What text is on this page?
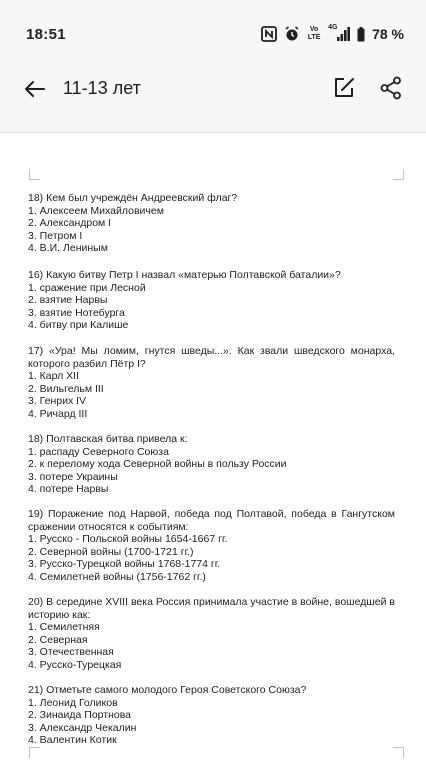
18:51	Vo LTE
4G 78 %
11-13 лет
18) Кем был учреждён Андреевский флаг?
1. Алексеем Михайловичем
2. Александром I
3. Петром I
4. В.И. Лениным
16) Какую битву Петр I назвал «матерью Полтавской баталии»?
1. сражение при Лесной
2. взятие Нарвы
3. взятие Нотебурга
4. битву при Калише
17) «Ура! Мы ломим, гнутся шведы...». Как звали шведского монарха, которого разбил Пётр I?
1. Карл XII
2. Вильгельм III
3. Генрих IV
4. Ричард III
18) Полтавская битва привела к:
1. распаду Северного Союза
2. к перелому хода Северной войны в пользу России
3. потере Украины
4. потере Нарвы
19) Поражение под Нарвой, победа под Полтавой, победа в Гангутском сражении относятся к событиям:
1. Русско - Польской войны 1654-1667 гг.
2. Северной войны (1700-1721 гг.)
3. Русско-Турецкой войны 1768-1774 гг.
4. Семилетней войны (1756-1762 гг.)
20) В середине XVIII века Россия принимала участие в войне, вошедшей в историю как:
1. Семилетняя
2. Северная
3. Отечественная
4. Русско-Турецкая
21) Отметьте самого молодого Героя Советского Союза?
1. Леонид Голиков
2. Зинаида Портнова
3. Александр Чекалин
4. Валентин Котик
